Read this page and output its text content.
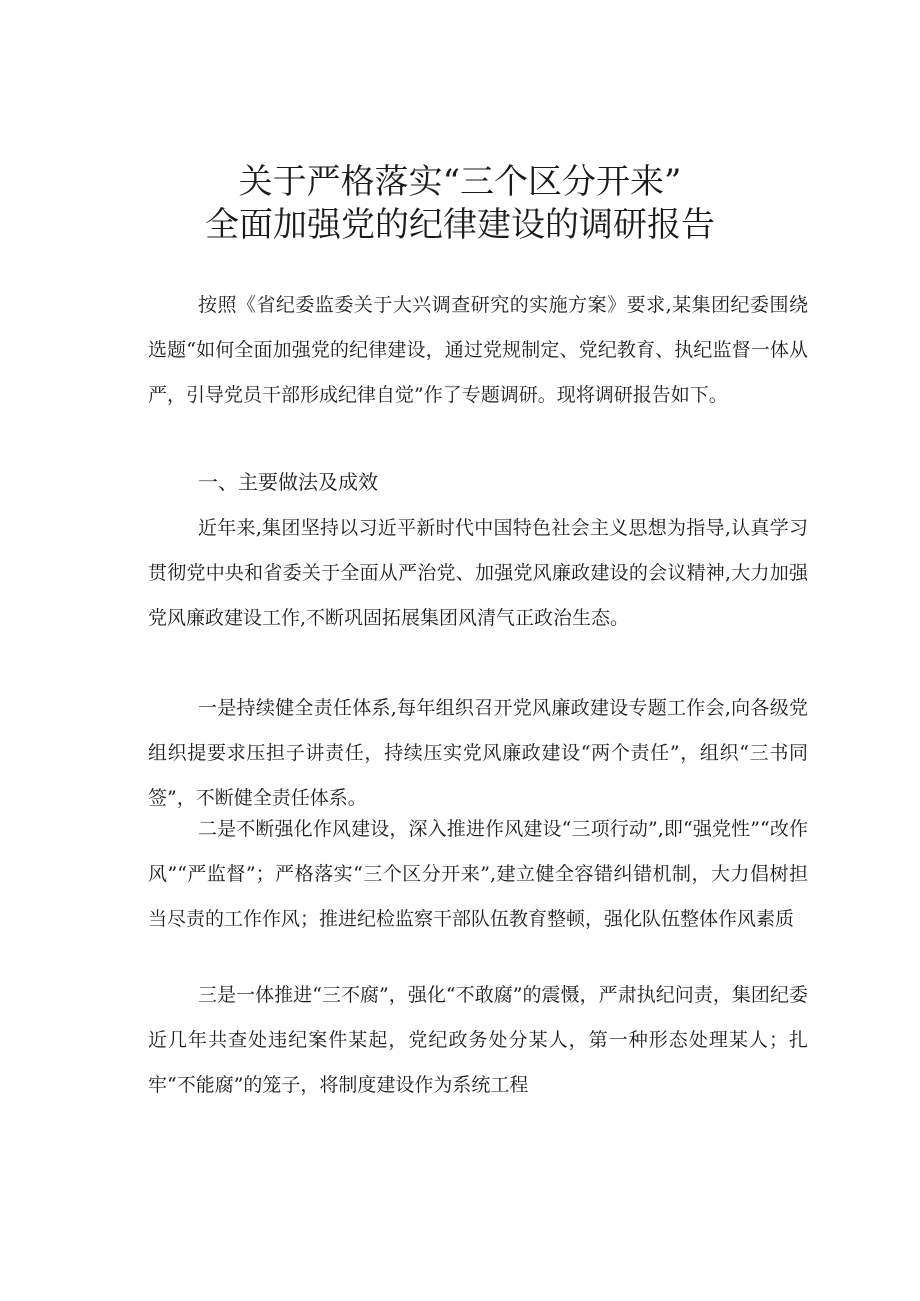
关于严格落实“三个区分开来”
全面加强党的纪律建设的调研报告

按照《省纪委监委关于大兴调查研究的实施方案》要求,某集团纪委围绕选题“如何全面加强党的纪律建设，通过党规制定、党纪教育、执纪监督一体从严，引导党员干部形成纪律自觉”作了专题调研。现将调研报告如下。

一、主要做法及成效

近年来,集团坚持以习近平新时代中国特色社会主义思想为指导,认真学习贯彻党中央和省委关于全面从严治党、加强党风廉政建设的会议精神,大力加强党风廉政建设工作,不断巩固拓展集团风清气正政治生态。

一是持续健全责任体系,每年组织召开党风廉政建设专题工作会,向各级党组织提要求压担子讲责任，持续压实党风廉政建设“两个责任”，组织“三书同签”，不断健全责任体系。

二是不断强化作风建设，深入推进作风建设“三项行动”,即“强党性”“改作风”“严监督”；严格落实“三个区分开来”,建立健全容错纠错机制，大力倡树担当尽责的工作作风；推进纪检监察干部队伍教育整顿，强化队伍整体作风素质

三是一体推进“三不腐”，强化“不敢腐”的震慑，严肃执纪问责，集团纪委近几年共查处违纪案件某起，党纪政务处分某人，第一种形态处理某人；扎牢“不能腐”的笼子，将制度建设作为系统工程
